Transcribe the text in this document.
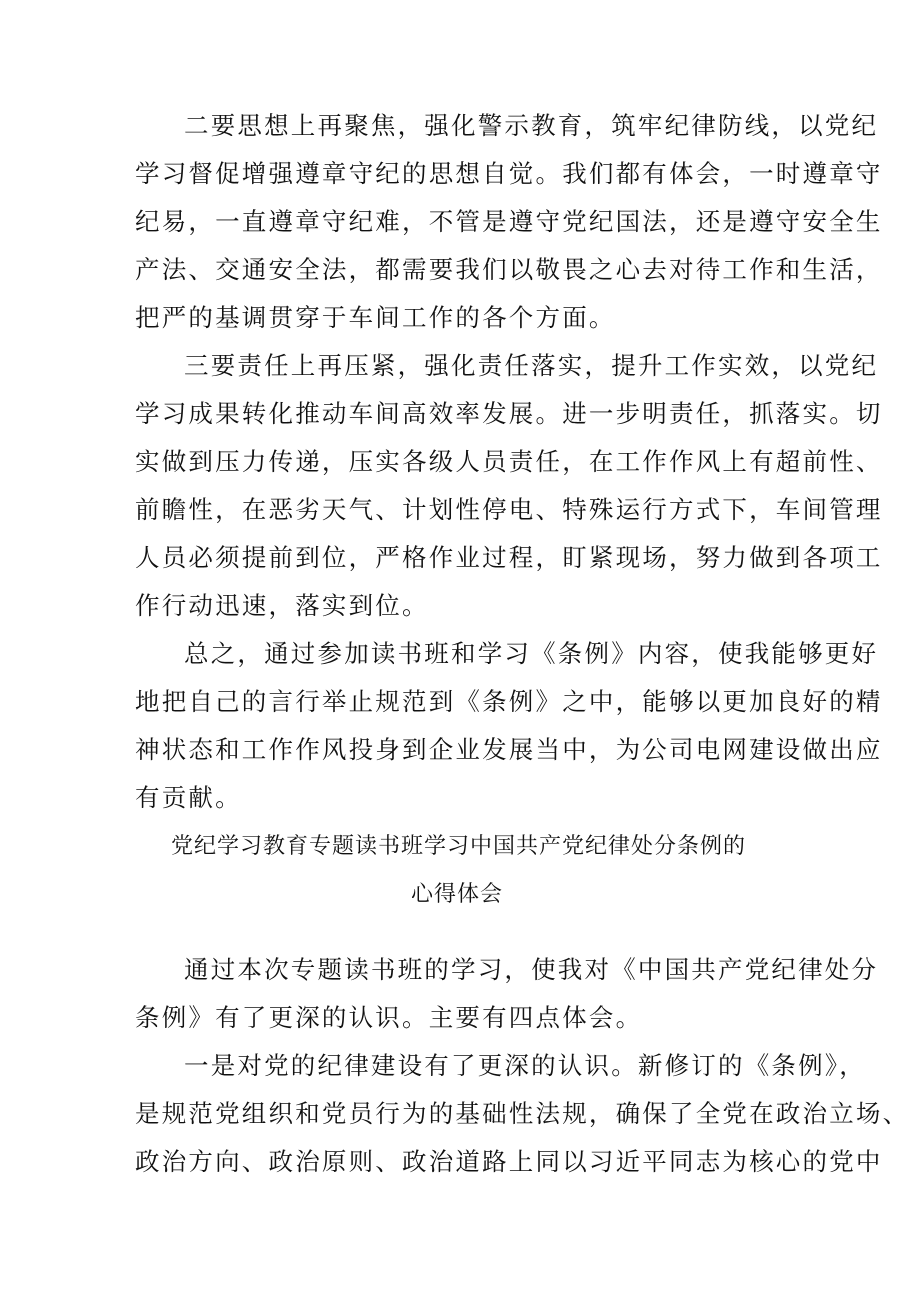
二要思想上再聚焦，强化警示教育，筑牢纪律防线，以党纪
学习督促增强遵章守纪的思想自觉。我们都有体会，一时遵章守
纪易，一直遵章守纪难，不管是遵守党纪国法，还是遵守安全生
产法、交通安全法，都需要我们以敬畏之心去对待工作和生活，
把严的基调贯穿于车间工作的各个方面。
三要责任上再压紧，强化责任落实，提升工作实效，以党纪
学习成果转化推动车间高效率发展。进一步明责任，抓落实。切
实做到压力传递，压实各级人员责任，在工作作风上有超前性、
前瞻性，在恶劣天气、计划性停电、特殊运行方式下，车间管理
人员必须提前到位，严格作业过程，盯紧现场，努力做到各项工
作行动迅速，落实到位。
总之，通过参加读书班和学习《条例》内容，使我能够更好
地把自己的言行举止规范到《条例》之中，能够以更加良好的精
神状态和工作作风投身到企业发展当中，为公司电网建设做出应
有贡献。
党纪学习教育专题读书班学习中国共产党纪律处分条例的
心得体会
通过本次专题读书班的学习，使我对《中国共产党纪律处分
条例》有了更深的认识。主要有四点体会。
一是对党的纪律建设有了更深的认识。新修订的《条例》，
是规范党组织和党员行为的基础性法规，确保了全党在政治立场、
政治方向、政治原则、政治道路上同以习近平同志为核心的党中
